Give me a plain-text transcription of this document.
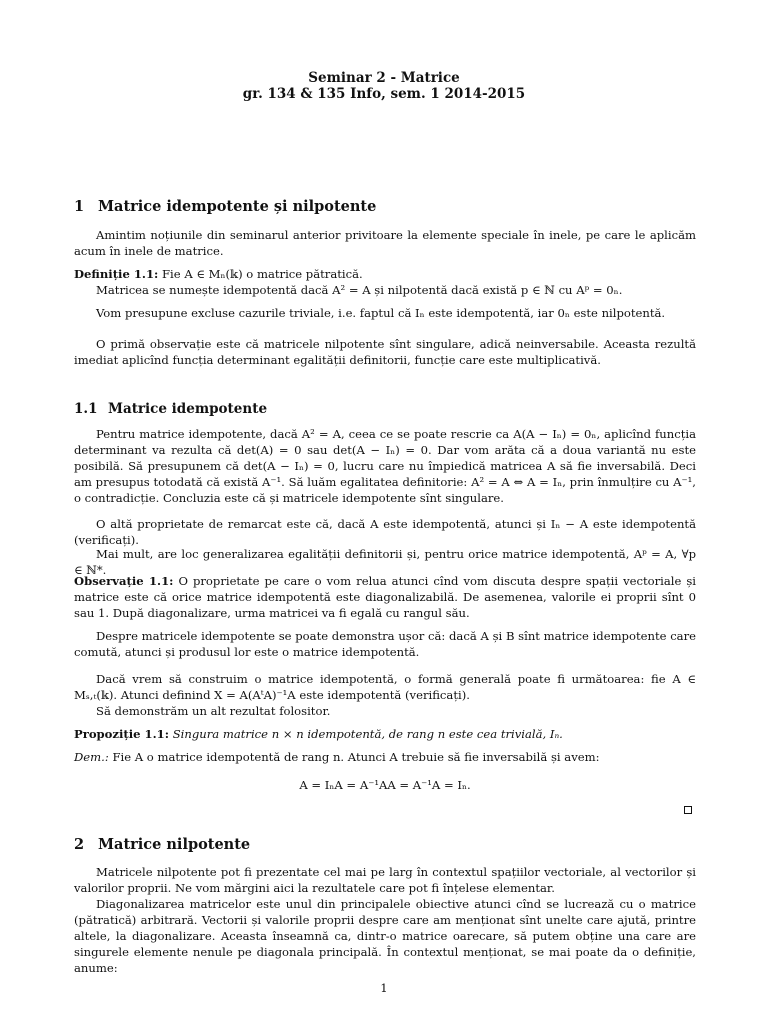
Seminar 2 - Matrice
gr. 134 & 135 Info, sem. 1 2014-2015
1 Matrice idempotente și nilpotente

Amintim noțiunile din seminarul anterior privitoare la elemente speciale în inele, pe care le aplicăm acum în inele de matrice.

Definiție 1.1: Fie A ∈ Mₙ(𝕜) o matrice pătratică.

Matricea se numește idempotentă dacă A² = A și nilpotentă dacă există p ∈ ℕ cu Aᵖ = 0ₙ.

Vom presupune excluse cazurile triviale, i.e. faptul că Iₙ este idempotentă, iar 0ₙ este nilpotentă.

O primă observație este că matricele nilpotente sînt singulare, adică neinversabile. Aceasta rezultă imediat aplicînd funcția determinant egalității definitorii, funcție care este multiplicativă.

1.1 Matrice idempotente

Pentru matrice idempotente, dacă A² = A, ceea ce se poate rescrie ca A(A − Iₙ) = 0ₙ, aplicînd funcția determinant va rezulta că det(A) = 0 sau det(A − Iₙ) = 0. Dar vom arăta că a doua variantă nu este posibilă. Să presupunem că det(A − Iₙ) = 0, lucru care nu împiedică matricea A să fie inversabilă. Deci am presupus totodată că există A⁻¹. Să luăm egalitatea definitorie: A² = A ⇔ A = Iₙ, prin înmulțire cu A⁻¹, o contradicție. Concluzia este că și matricele idempotente sînt singulare.

O altă proprietate de remarcat este că, dacă A este idempotentă, atunci și Iₙ − A este idempotentă (verificați).

Mai mult, are loc generalizarea egalității definitorii și, pentru orice matrice idempotentă, Aᵖ = A, ∀p ∈ ℕ*.

Observație 1.1: O proprietate pe care o vom relua atunci cînd vom discuta despre spații vectoriale și matrice este că orice matrice idempotentă este diagonalizabilă. De asemenea, valorile ei proprii sînt 0 sau 1. După diagonalizare, urma matricei va fi egală cu rangul său.

Despre matricele idempotente se poate demonstra ușor că: dacă A și B sînt matrice idempotente care comută, atunci și produsul lor este o matrice idempotentă.

Dacă vrem să construim o matrice idempotentă, o formă generală poate fi următoarea: fie A ∈ Mₛ,ₜ(𝕜). Atunci definind X = A(AᵗA)⁻¹A este idempotentă (verificați).

Să demonstrăm un alt rezultat folositor.

Propoziție 1.1: Singura matrice n × n idempotentă, de rang n este cea trivială, Iₙ.

Dem.: Fie A o matrice idempotentă de rang n. Atunci A trebuie să fie inversabilă și avem:

A = IₙA = A⁻¹AA = A⁻¹A = Iₙ.

2 Matrice nilpotente

Matricele nilpotente pot fi prezentate cel mai pe larg în contextul spațiilor vectoriale, al vectorilor și valorilor proprii. Ne vom mărgini aici la rezultatele care pot fi înțelese elementar.

Diagonalizarea matricelor este unul din principalele obiective atunci cînd se lucrează cu o matrice (pătratică) arbitrară. Vectorii și valorile proprii despre care am menționat sînt unelte care ajută, printre altele, la diagonalizare. Aceasta înseamnă ca, dintr-o matrice oarecare, să putem obține una care are singurele elemente nenule pe diagonala principală. În contextul menționat, se mai poate da o definiție, anume:

1
